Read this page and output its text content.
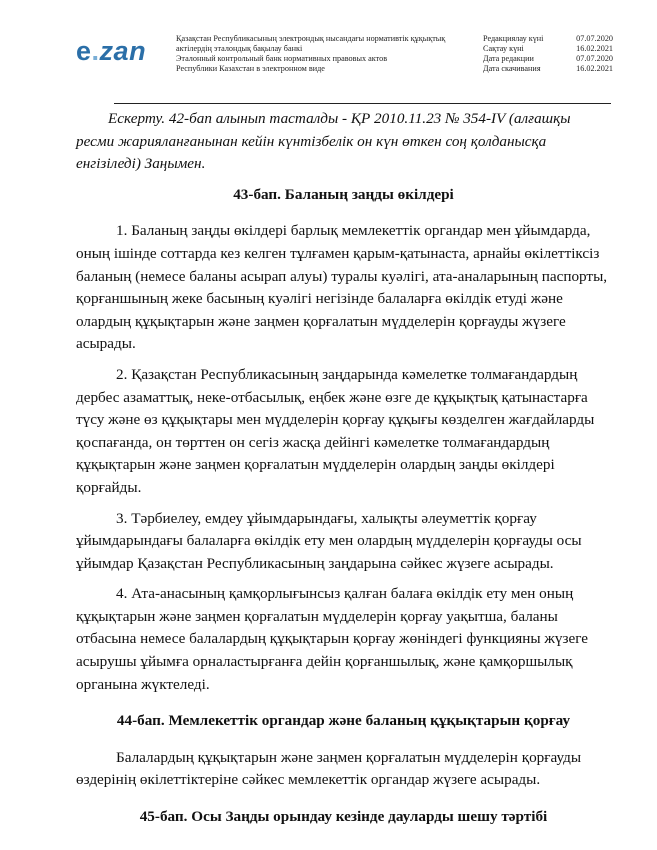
e.zan	Қазақстан Республикасының электрондық нысандағы нормативтік құқықтық
актілердің эталондық бақылау банкі
Эталонный контрольный банк нормативных правовых актов
Республики Казахстан в электронном виде
Редакциялау күні	07.07.2020
Сақтау күні	16.02.2021
Дата редакции	07.07.2020
Дата скачивания	16.02.2021

Ескерту. 42-бап алынып тасталды - ҚР 2010.11.23 № 354-IV (алғашқы ресми жарияланғанынан кейін күнтізбелік он күн өткен соң қолданысқа енгізіледі) Заңымен.

43-бап. Баланың заңды өкілдері

1. Баланың заңды өкілдері барлық мемлекеттік органдар мен ұйымдарда, оның ішінде соттарда кез келген тұлғамен қарым-қатынаста, арнайы өкілеттіксіз баланың (немесе баланы асырап алуы) туралы куәлігі, ата-аналарының паспорты, қорғаншының жеке басының куәлігі негізінде балаларға өкілдік етуді және олардың құқықтарын және заңмен қорғалатын мүдделерін қорғауды жүзеге асырады.

2. Қазақстан Республикасының заңдарында кәмелетке толмағандардың дербес азаматтық, неке-отбасылық, еңбек және өзге де құқықтық қатынастарға түсу және өз құқықтары мен мүдделерін қорғау құқығы көзделген жағдайларды қоспағанда, он төрттен он сегіз жасқа дейінгі кәмелетке толмағандардың құқықтарын және заңмен қорғалатын мүдделерін олардың заңды өкілдері қорғайды.

3. Тәрбиелеу, емдеу ұйымдарындағы, халықты әлеуметтік қорғау ұйымдарындағы балаларға өкілдік ету мен олардың мүдделерін қорғауды осы ұйымдар Қазақстан Республикасының заңдарына сәйкес жүзеге асырады.

4. Ата-анасының қамқорлығынсыз қалған балаға өкілдік ету мен оның құқықтарын және заңмен қорғалатын мүдделерін қорғау уақытша, баланы отбасына немесе балалардың құқықтарын қорғау жөніндегі функцияны жүзеге асырушы ұйымға орналастырғанға дейін қорғаншылық, және қамқоршылық органына жүктеледі.

44-бап. Мемлекеттік органдар және баланың құқықтарын қорғау

Балалардың құқықтарын және заңмен қорғалатын мүдделерін қорғауды өздерінің өкілеттіктеріне сәйкес мемлекеттік органдар жүзеге асырады.

45-бап. Осы Заңды орындау кезінде дауларды шешу тәртібі
